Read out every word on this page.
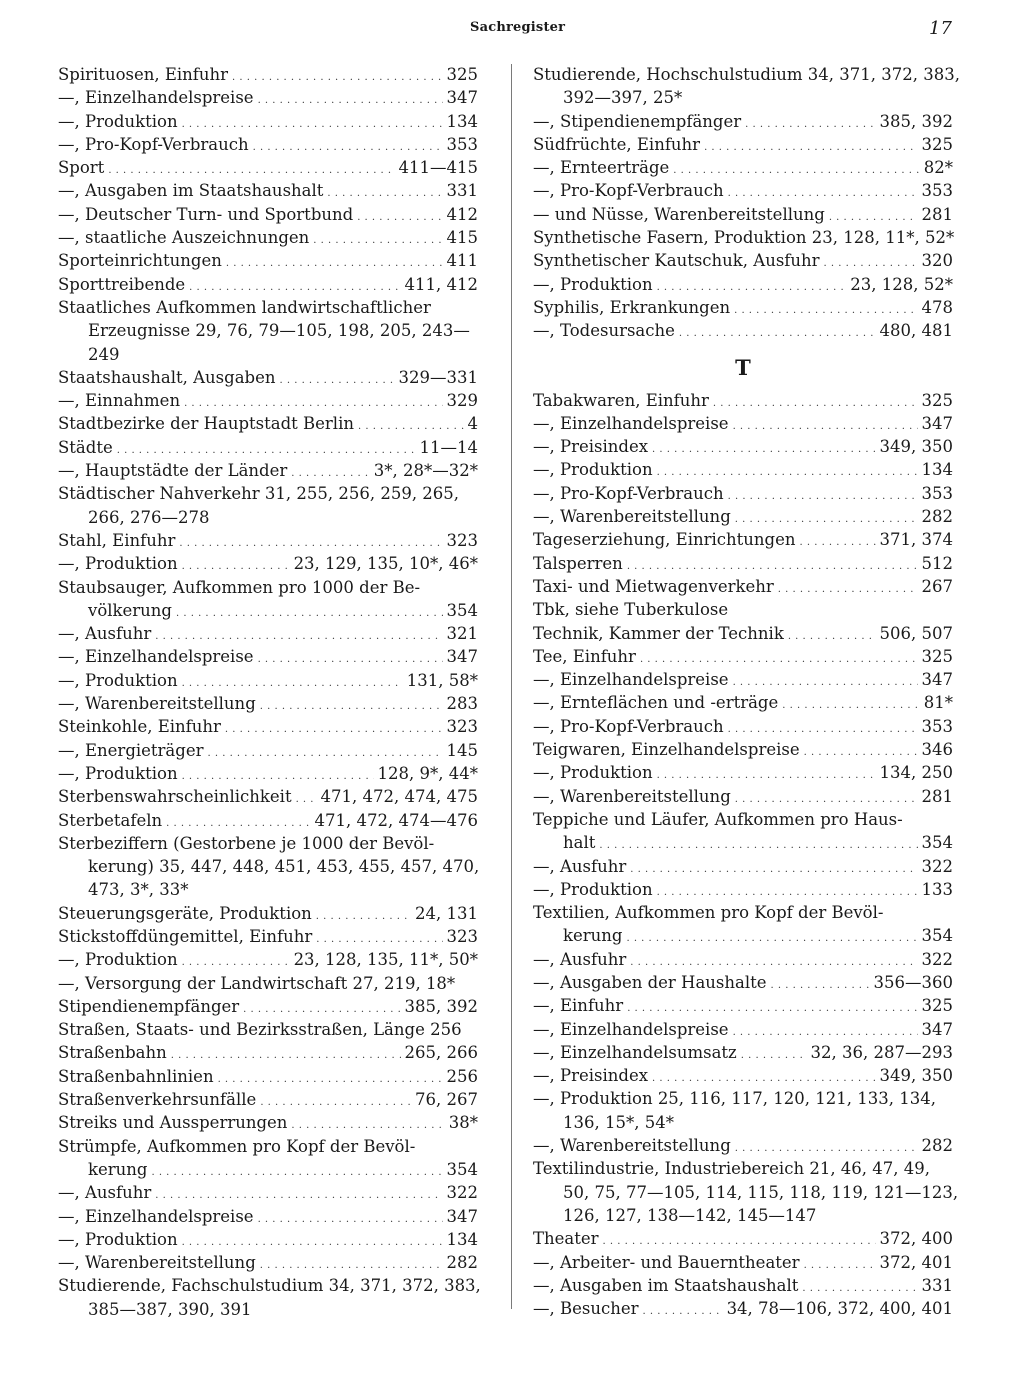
Sachregister	17
Spirituosen, Einfuhr . . .	325
—, Einzelhandelspreise . . .	347
—, Produktion . . .	134
—, Pro-Kopf-Verbrauch . . .	353
Sport . . .	411—415
—, Ausgaben im Staatshaushalt . . .	331
—, Deutscher Turn- und Sportbund . . .	412
—, staatliche Auszeichnungen . . .	415
Sporteinrichtungen . . .	411
Sporttreibende . . .	411, 412
Staatliches Aufkommen landwirtschaftlicher
Erzeugnisse 29, 76, 79—105, 198, 205, 243—
249
Staatshaushalt, Ausgaben . . .	329—331
—, Einnahmen . . .	329
Stadtbezirke der Hauptstadt Berlin . . .	4
Städte . . .	11—14
—, Hauptstädte der Länder . . .	3*, 28*—32*
Städtischer Nahverkehr 31, 255, 256, 259, 265,
266, 276—278
Stahl, Einfuhr . . .	323
—, Produktion . . .	23, 129, 135, 10*, 46*
Staubsauger, Aufkommen pro 1000 der Be-
völkerung . . .	354
—, Ausfuhr . . .	321
—, Einzelhandelspreise . . .	347
—, Produktion . . .	131, 58*
—, Warenbereitstellung . . .	283
Steinkohle, Einfuhr . . .	323
—, Energieträger . . .	145
—, Produktion . . .	128, 9*, 44*
Sterbenswahrscheinlichkeit . . . 471, 472, 474, 475
Sterbetafeln . . .	471, 472, 474—476
Sterbeziffern (Gestorbene je 1000 der Bevöl-
kerung) 35, 447, 448, 451, 453, 455, 457, 470,
473, 3*, 33*
Steuerungsgeräte, Produktion . . .	24, 131
Stickstoffdüngemittel, Einfuhr . . .	323
—, Produktion . . .	23, 128, 135, 11*, 50*
—, Versorgung der Landwirtschaft 27, 219, 18*
Stipendienempfänger . . .	385, 392
Straßen, Staats- und Bezirksstraßen, Länge 256
Straßenbahn . . .	265, 266
Straßenbahnlinien . . .	256
Straßenverkehrsunfälle . . .	76, 267
Streiks und Aussperrungen . . .	38*
Strümpfe, Aufkommen pro Kopf der Bevöl-
kerung . . .	354
—, Ausfuhr . . .	322
—, Einzelhandelspreise . . .	347
—, Produktion . . .	134
—, Warenbereitstellung . . .	282
Studierende, Fachschulstudium 34, 371, 372, 383,
385—387, 390, 391
Studierende, Hochschulstudium 34, 371, 372, 383,
392—397, 25*
—, Stipendienempfänger . . .	385, 392
Südfrüchte, Einfuhr . . .	325
—, Ernteerträge . . .	82*
—, Pro-Kopf-Verbrauch . . .	353
— und Nüsse, Warenbereitstellung . . .	281
Synthetische Fasern, Produktion 23, 128, 11*, 52*
Synthetischer Kautschuk, Ausfuhr . . .	320
—, Produktion . . .	23, 128, 52*
Syphilis, Erkrankungen . . .	478
—, Todesursache . . .	480, 481
T
Tabakwaren, Einfuhr . . .	325
—, Einzelhandelspreise . . .	347
—, Preisindex . . .	349, 350
—, Produktion . . .	134
—, Pro-Kopf-Verbrauch . . .	353
—, Warenbereitstellung . . .	282
Tageserziehung, Einrichtungen . . .	371, 374
Talsperren . . .	512
Taxi- und Mietwagenverkehr . . .	267
Tbk, siehe Tuberkulose
Technik, Kammer der Technik . . .	506, 507
Tee, Einfuhr . . .	325
—, Einzelhandelspreise . . .	347
—, Ernteflächen und -erträge . . .	81*
—, Pro-Kopf-Verbrauch . . .	353
Teigwaren, Einzelhandelspreise . . .	346
—, Produktion . . .	134, 250
—, Warenbereitstellung . . .	281
Teppiche und Läufer, Aufkommen pro Haus-
halt . . .	354
—, Ausfuhr . . .	322
—, Produktion . . .	133
Textilien, Aufkommen pro Kopf der Bevöl-
kerung . . .	354
—, Ausfuhr . . .	322
—, Ausgaben der Haushalte . . .	356—360
—, Einfuhr . . .	325
—, Einzelhandelspreise . . .	347
—, Einzelhandelsumsatz . . .	32, 36, 287—293
—, Preisindex . . .	349, 350
—, Produktion 25, 116, 117, 120, 121, 133, 134,
136, 15*, 54*
—, Warenbereitstellung . . .	282
Textilindustrie, Industriebereich 21, 46, 47, 49,
50, 75, 77—105, 114, 115, 118, 119, 121—123,
126, 127, 138—142, 145—147
Theater . . .	372, 400
—, Arbeiter- und Bauerntheater . . .	372, 401
—, Ausgaben im Staatshaushalt . . .	331
—, Besucher . . .	34, 78—106, 372, 400, 401
